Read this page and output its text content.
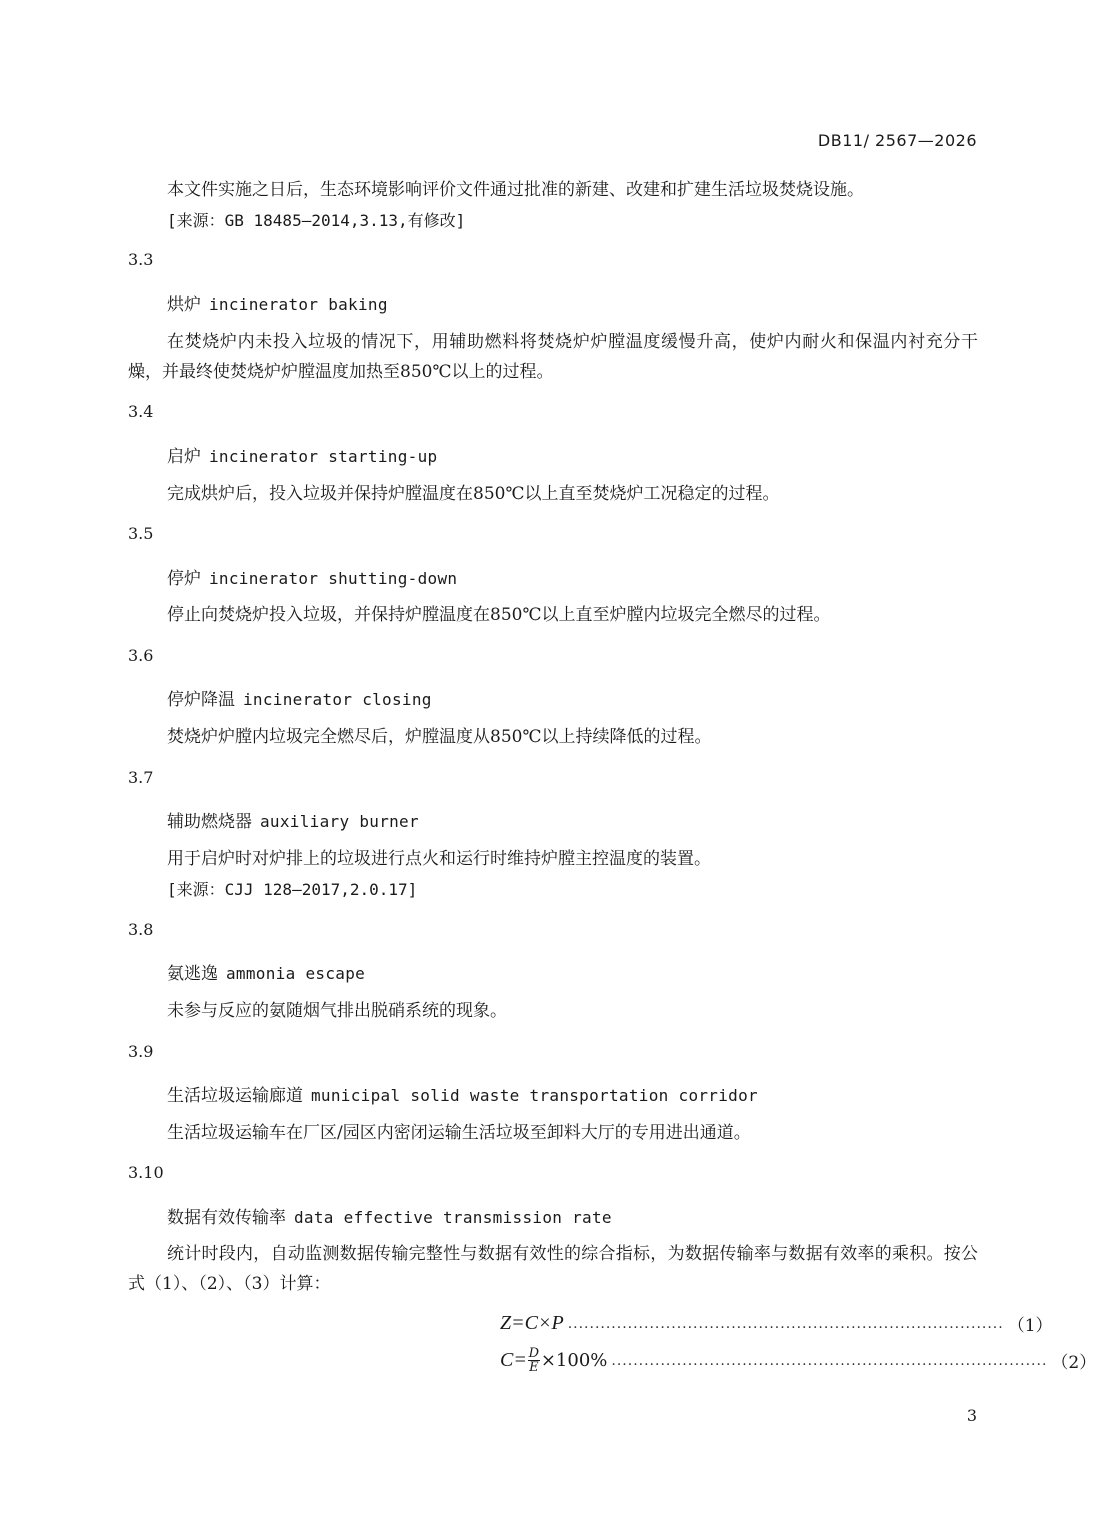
DB11/ 2567—2026
本文件实施之日后，生态环境影响评价文件通过批准的新建、改建和扩建生活垃圾焚烧设施。
[来源：GB 18485—2014,3.13,有修改]
3.3
烘炉 incinerator baking
在焚烧炉内未投入垃圾的情况下，用辅助燃料将焚烧炉炉膛温度缓慢升高，使炉内耐火和保温内衬充分干燥，并最终使焚烧炉炉膛温度加热至850℃以上的过程。
3.4
启炉 incinerator starting-up
完成烘炉后，投入垃圾并保持炉膛温度在850℃以上直至焚烧炉工况稳定的过程。
3.5
停炉 incinerator shutting-down
停止向焚烧炉投入垃圾，并保持炉膛温度在850℃以上直至炉膛内垃圾完全燃尽的过程。
3.6
停炉降温 incinerator closing
焚烧炉炉膛内垃圾完全燃尽后，炉膛温度从850℃以上持续降低的过程。
3.7
辅助燃烧器 auxiliary burner
用于启炉时对炉排上的垃圾进行点火和运行时维持炉膛主控温度的装置。
[来源：CJJ 128—2017,2.0.17]
3.8
氨逃逸 ammonia escape
未参与反应的氨随烟气排出脱硝系统的现象。
3.9
生活垃圾运输廊道 municipal solid waste transportation corridor
生活垃圾运输车在厂区/园区内密闭运输生活垃圾至卸料大厅的专用进出通道。
3.10
数据有效传输率 data effective transmission rate
统计时段内，自动监测数据传输完整性与数据有效性的综合指标，为数据传输率与数据有效率的乘积。按公式（1）、（2）、（3）计算：
Z = C×P ................................................................................ （1）
$C = \frac{D}{E} \times 100\%$ ................................................................................ （2）
3
